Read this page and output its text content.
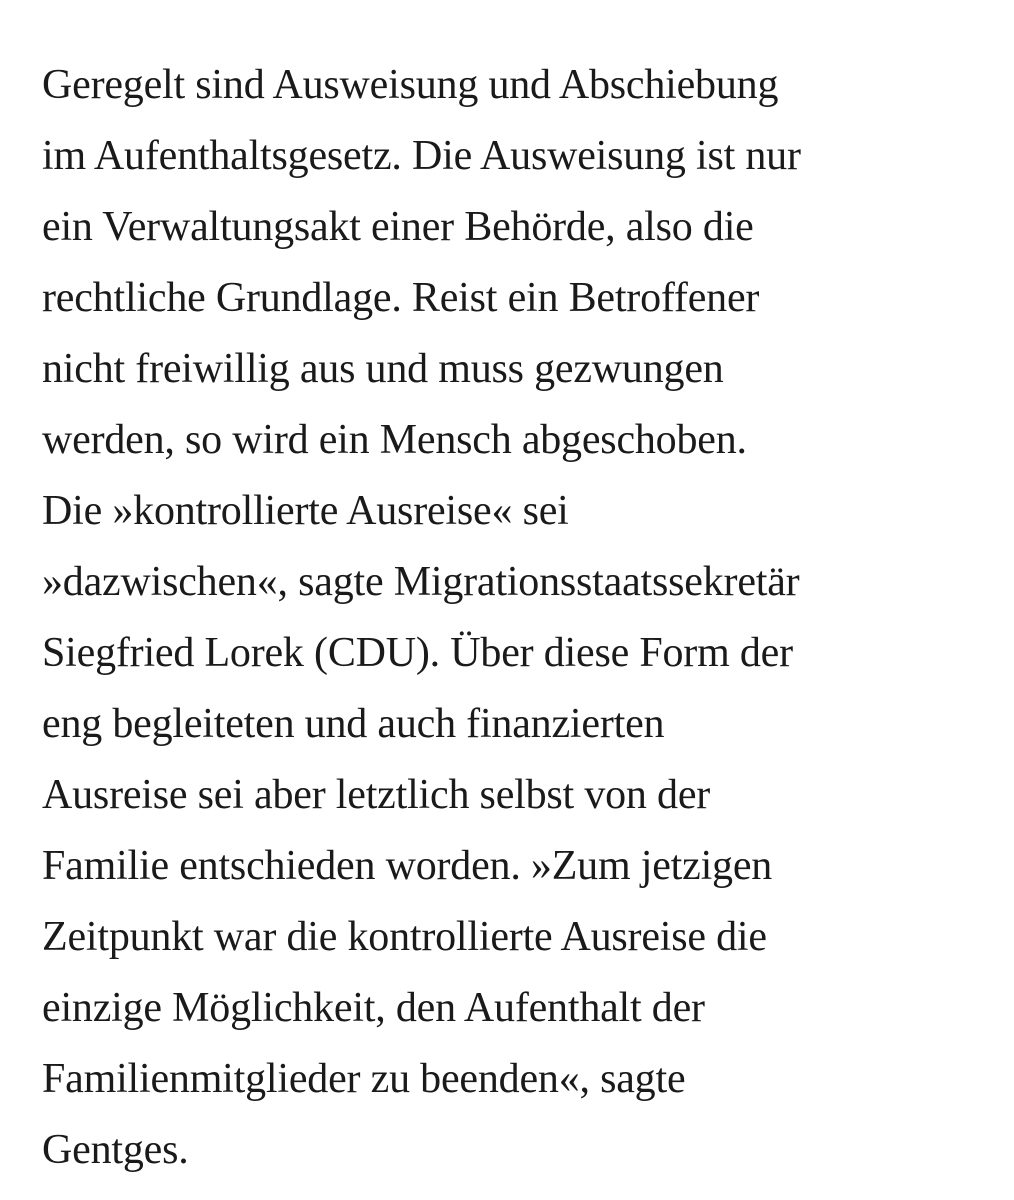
Geregelt sind Ausweisung und Abschiebung
im Aufenthaltsgesetz. Die Ausweisung ist nur
ein Verwaltungsakt einer Behörde, also die
rechtliche Grundlage. Reist ein Betroffener
nicht freiwillig aus und muss gezwungen
werden, so wird ein Mensch abgeschoben.
Die »kontrollierte Ausreise« sei
»dazwischen«, sagte Migrationsstaatssekretär
Siegfried Lorek (CDU). Über diese Form der
eng begleiteten und auch finanzierten
Ausreise sei aber letztlich selbst von der
Familie entschieden worden. »Zum jetzigen
Zeitpunkt war die kontrollierte Ausreise die
einzige Möglichkeit, den Aufenthalt der
Familienmitglieder zu beenden«, sagte
Gentges.
